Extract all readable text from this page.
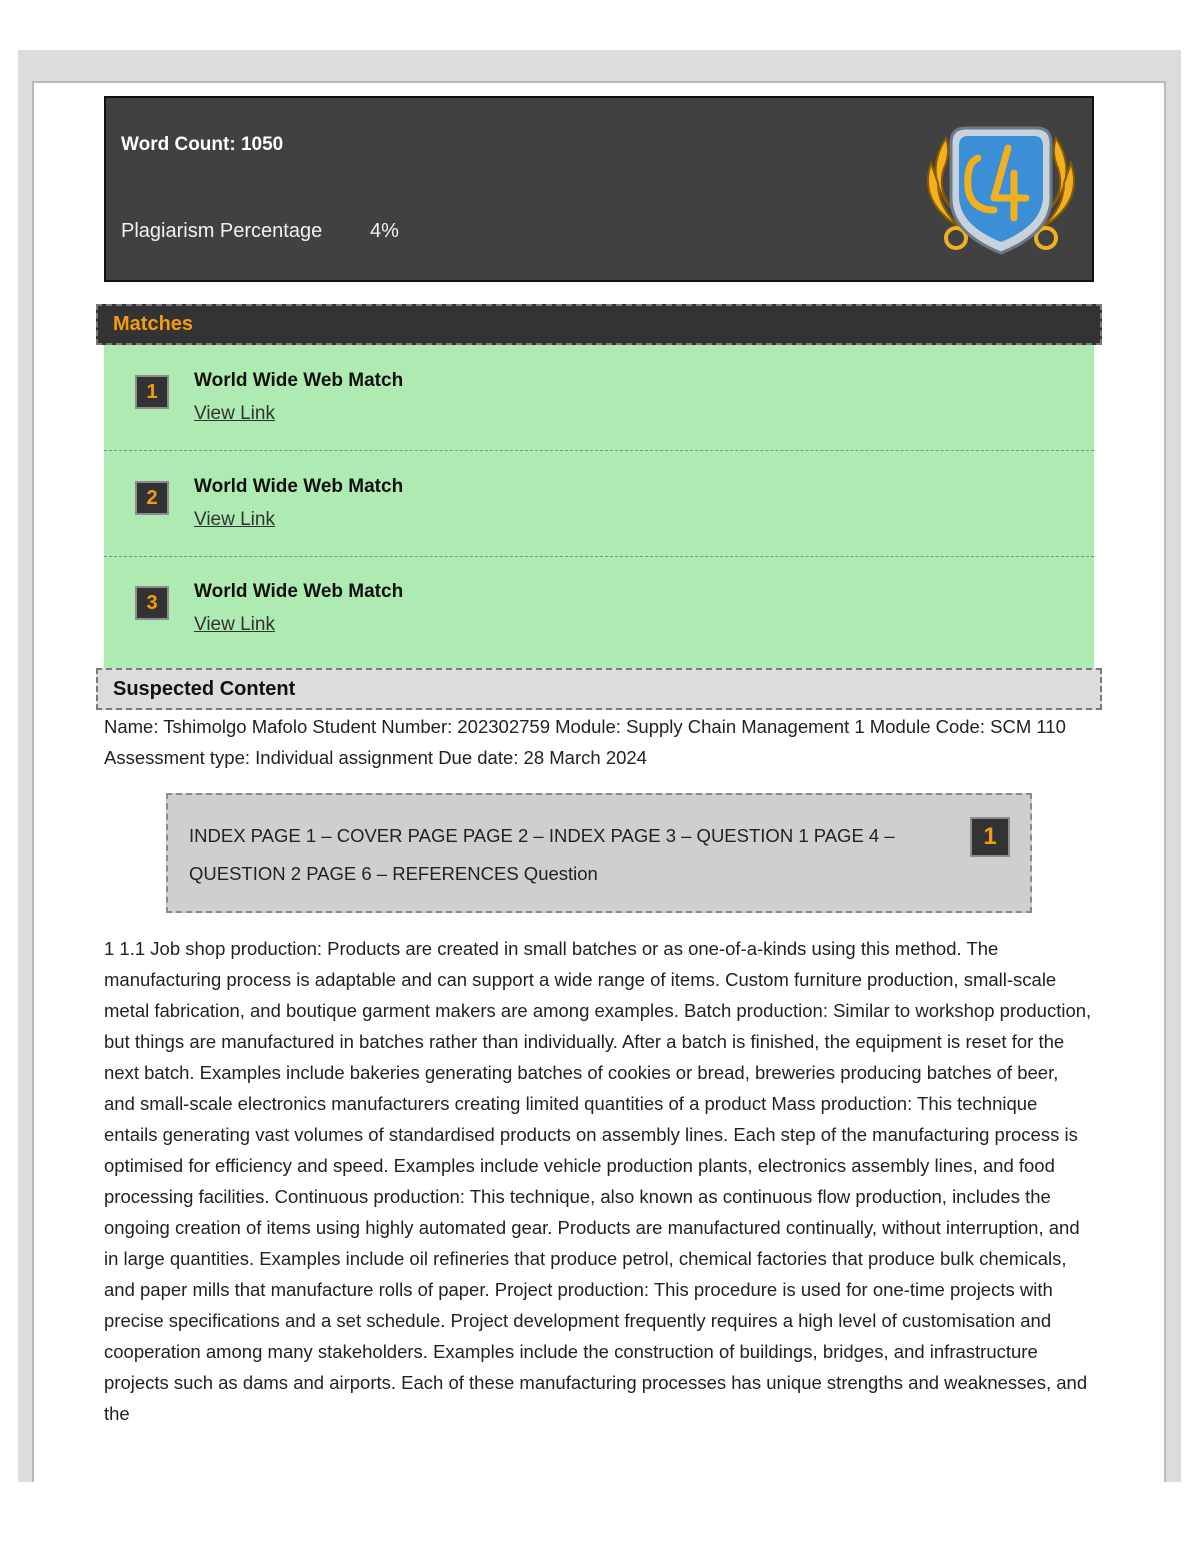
Word Count: 1050
Plagiarism Percentage 4%
Matches
1
World Wide Web Match
View Link
2
World Wide Web Match
View Link
3
World Wide Web Match
View Link
Suspected Content
Name: Tshimolgo Mafolo Student Number: 202302759 Module: Supply Chain Management 1 Module Code: SCM 110 Assessment type: Individual assignment Due date: 28 March 2024
INDEX PAGE 1 – COVER PAGE PAGE 2 – INDEX PAGE 3 – QUESTION 1 PAGE 4 – QUESTION 2 PAGE 6 – REFERENCES Question
1
1 1.1 Job shop production: Products are created in small batches or as one-of-a-kinds using this method. The manufacturing process is adaptable and can support a wide range of items. Custom furniture production, small-scale metal fabrication, and boutique garment makers are among examples. Batch production: Similar to workshop production, but things are manufactured in batches rather than individually. After a batch is finished, the equipment is reset for the next batch. Examples include bakeries generating batches of cookies or bread, breweries producing batches of beer, and small-scale electronics manufacturers creating limited quantities of a product Mass production: This technique entails generating vast volumes of standardised products on assembly lines. Each step of the manufacturing process is optimised for efficiency and speed. Examples include vehicle production plants, electronics assembly lines, and food processing facilities. Continuous production: This technique, also known as continuous flow production, includes the ongoing creation of items using highly automated gear. Products are manufactured continually, without interruption, and in large quantities. Examples include oil refineries that produce petrol, chemical factories that produce bulk chemicals, and paper mills that manufacture rolls of paper. Project production: This procedure is used for one-time projects with precise specifications and a set schedule. Project development frequently requires a high level of customisation and cooperation among many stakeholders. Examples include the construction of buildings, bridges, and infrastructure projects such as dams and airports. Each of these manufacturing processes has unique strengths and weaknesses, and the
